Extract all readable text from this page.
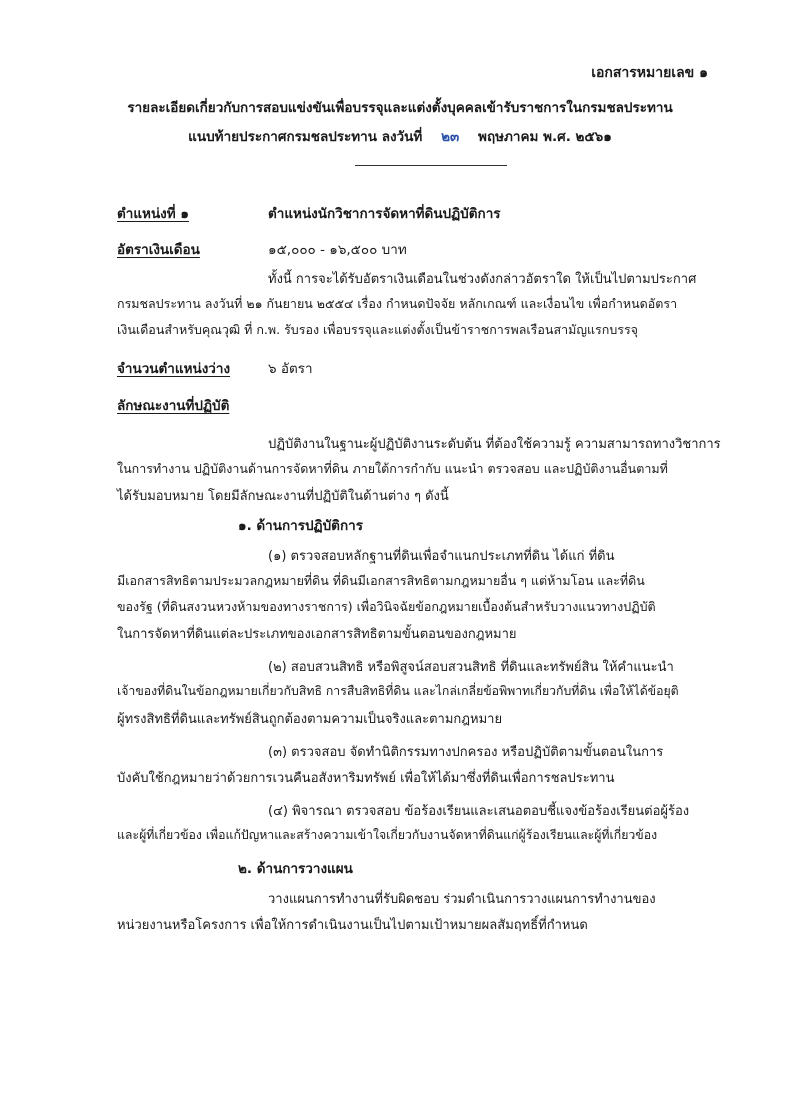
เอกสารหมายเลข ๑
รายละเอียดเกี่ยวกับการสอบแข่งขันเพื่อบรรจุและแต่งตั้งบุคคลเข้ารับราชการในกรมชลประทาน
แนบท้ายประกาศกรมชลประทาน ลงวันที่ ๒๓ พฤษภาคม พ.ศ. ๒๕๖๑
ตำแหน่งที่ ๑	ตำแหน่งนักวิชาการจัดหาที่ดินปฏิบัติการ
อัตราเงินเดือน	๑๕,๐๐๐ - ๑๖,๕๐๐ บาท
ทั้งนี้ การจะได้รับอัตราเงินเดือนในช่วงดังกล่าวอัตราใด ให้เป็นไปตามประกาศ
กรมชลประทาน ลงวันที่ ๒๑ กันยายน ๒๕๕๔ เรื่อง กำหนดปัจจัย หลักเกณฑ์ และเงื่อนไข เพื่อกำหนดอัตรา
เงินเดือนสำหรับคุณวุฒิ ที่ ก.พ. รับรอง เพื่อบรรจุและแต่งตั้งเป็นข้าราชการพลเรือนสามัญแรกบรรจุ
จำนวนตำแหน่งว่าง	๖ อัตรา
ลักษณะงานที่ปฏิบัติ
ปฏิบัติงานในฐานะผู้ปฏิบัติงานระดับต้น ที่ต้องใช้ความรู้ ความสามารถทางวิชาการ
ในการทำงาน ปฏิบัติงานด้านการจัดหาที่ดิน ภายใต้การกำกับ แนะนำ ตรวจสอบ และปฏิบัติงานอื่นตามที่
ได้รับมอบหมาย โดยมีลักษณะงานที่ปฏิบัติในด้านต่าง ๆ ดังนี้
๑. ด้านการปฏิบัติการ
(๑) ตรวจสอบหลักฐานที่ดินเพื่อจำแนกประเภทที่ดิน ได้แก่ ที่ดิน
มีเอกสารสิทธิตามประมวลกฎหมายที่ดิน ที่ดินมีเอกสารสิทธิตามกฎหมายอื่น ๆ แต่ห้ามโอน และที่ดิน
ของรัฐ (ที่ดินสงวนหวงห้ามของทางราชการ) เพื่อวินิจฉัยข้อกฎหมายเบื้องต้นสำหรับวางแนวทางปฏิบัติ
ในการจัดหาที่ดินแต่ละประเภทของเอกสารสิทธิตามขั้นตอนของกฎหมาย
(๒) สอบสวนสิทธิ หรือพิสูจน์สอบสวนสิทธิ ที่ดินและทรัพย์สิน ให้คำแนะนำ
เจ้าของที่ดินในข้อกฎหมายเกี่ยวกับสิทธิ การสืบสิทธิที่ดิน และไกล่เกลี่ยข้อพิพาทเกี่ยวกับที่ดิน เพื่อให้ได้ข้อยุติ
ผู้ทรงสิทธิที่ดินและทรัพย์สินถูกต้องตามความเป็นจริงและตามกฎหมาย
(๓) ตรวจสอบ จัดทำนิติกรรมทางปกครอง หรือปฏิบัติตามขั้นตอนในการ
บังคับใช้กฎหมายว่าด้วยการเวนคืนอสังหาริมทรัพย์ เพื่อให้ได้มาซึ่งที่ดินเพื่อการชลประทาน
(๔) พิจารณา ตรวจสอบ ข้อร้องเรียนและเสนอตอบชี้แจงข้อร้องเรียนต่อผู้ร้อง
และผู้ที่เกี่ยวข้อง เพื่อแก้ปัญหาและสร้างความเข้าใจเกี่ยวกับงานจัดหาที่ดินแก่ผู้ร้องเรียนและผู้ที่เกี่ยวข้อง
๒. ด้านการวางแผน
วางแผนการทำงานที่รับผิดชอบ ร่วมดำเนินการวางแผนการทำงานของ
หน่วยงานหรือโครงการ เพื่อให้การดำเนินงานเป็นไปตามเป้าหมายผลสัมฤทธิ์ที่กำหนด
